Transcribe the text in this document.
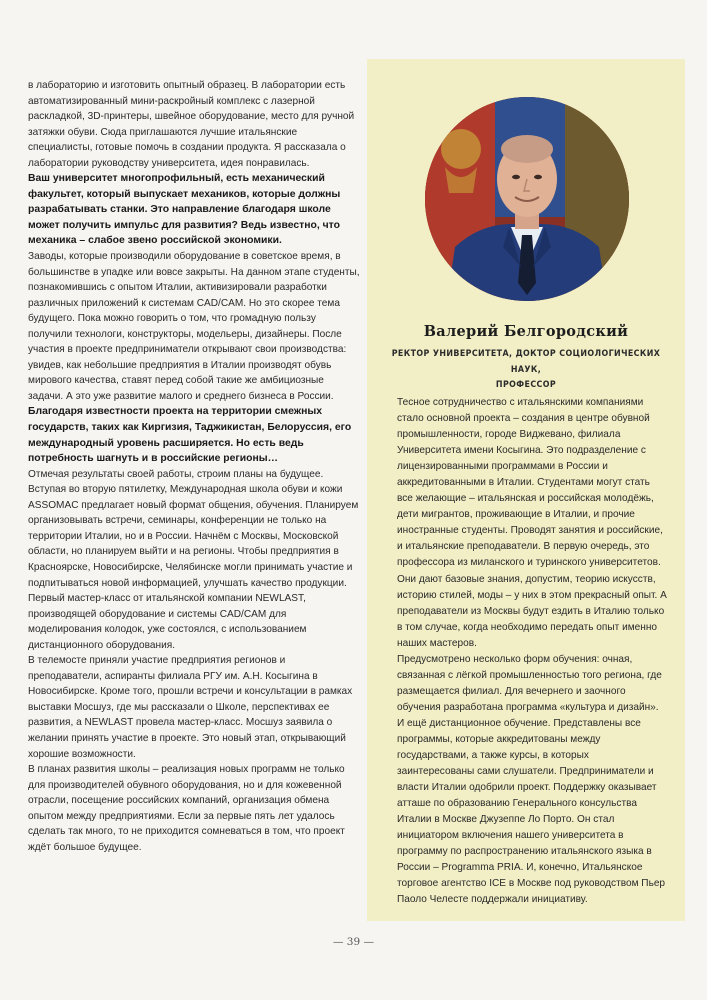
в лабораторию и изготовить опытный образец. В лаборатории есть автоматизированный мини-раскройный комплекс с лазерной раскладкой, 3D-принтеры, швейное оборудование, место для ручной затяжки обуви. Сюда приглашаются лучшие итальянские специалисты, готовые помочь в создании продукта. Я рассказала о лаборатории руководству университета, идея понравилась.

Ваш университет многопрофильный, есть механический факультет, который выпускает механиков, которые должны разрабатывать станки. Это направление благодаря школе может получить импульс для развития? Ведь известно, что механика – слабое звено российской экономики.

Заводы, которые производили оборудование в советское время, в большинстве в упадке или вовсе закрыты. На данном этапе студенты, познакомившись с опытом Италии, активизировали разработки различных приложений к системам CAD/CAM. Но это скорее тема будущего. Пока можно говорить о том, что громадную пользу получили технологи, конструкторы, модельеры, дизайнеры. После участия в проекте предприниматели открывают свои производства: увидев, как небольшие предприятия в Италии производят обувь мирового качества, ставят перед собой такие же амбициозные задачи. А это уже развитие малого и среднего бизнеса в России.

Благодаря известности проекта на территории смежных государств, таких как Киргизия, Таджикистан, Белоруссия, его международный уровень расширяется. Но есть ведь потребность шагнуть и в российские регионы…

Отмечая результаты своей работы, строим планы на будущее. Вступая во вторую пятилетку, Международная школа обуви и кожи ASSOMAC предлагает новый формат общения, обучения. Планируем организовывать встречи, семинары, конференции не только на территории Италии, но и в России. Начнём с Москвы, Московской области, но планируем выйти и на регионы. Чтобы предприятия в Красноярске, Новосибирске, Челябинске могли принимать участие и подпитываться новой информацией, улучшать качество продукции. Первый мастер-класс от итальянской компании NEWLAST, производящей оборудование и системы CAD/CAM для моделирования колодок, уже состоялся, с использованием дистанционного оборудования.

В телемосте приняли участие предприятия регионов и преподаватели, аспиранты филиала РГУ им. А.Н. Косыгина в Новосибирске. Кроме того, прошли встречи и консультации в рамках выставки Мосшуз, где мы рассказали о Школе, перспективах ее развития, а NEWLAST провела мастер-класс. Мосшуз заявила о желании принять участие в проекте. Это новый этап, открывающий хорошие возможности.

В планах развития школы – реализация новых программ не только для производителей обувного оборудования, но и для кожевенной отрасли, посещение российских компаний, организация обмена опытом между предприятиями. Если за первые пять лет удалось сделать так много, то не приходится сомневаться в том, что проект ждёт большое будущее.

Валерий Белгородский
РЕКТОР УНИВЕРСИТЕТА, ДОКТОР СОЦИОЛОГИЧЕСКИХ НАУК,
ПРОФЕССОР

Тесное сотрудничество с итальянскими компаниями стало основной проекта – создания в центре обувной промышленности, городе Виджевано, филиала Университета имени Косыгина. Это подразделение с лицензированными программами в России и аккредитованными в Италии. Студентами могут стать все желающие – итальянская и российская молодёжь, дети мигрантов, проживающие в Италии, и прочие иностранные студенты. Проводят занятия и российские, и итальянские преподаватели. В первую очередь, это профессора из миланского и туринского университетов. Они дают базовые знания, допустим, теорию искусств, историю стилей, моды – у них в этом прекрасный опыт. А преподаватели из Москвы будут ездить в Италию только в том случае, когда необходимо передать опыт именно наших мастеров.

Предусмотрено несколько форм обучения: очная, связанная с лёгкой промышленностью того региона, где размещается филиал. Для вечернего и заочного обучения разработана программа «культура и дизайн». И ещё дистанционное обучение. Представлены все программы, которые аккредитованы между государствами, а также курсы, в которых заинтересованы сами слушатели. Предприниматели и власти Италии одобрили проект. Поддержку оказывает атташе по образованию Генерального консульства Италии в Москве Джузеппе Ло Порто. Он стал инициатором включения нашего университета в программу по распространению итальянского языка в России – Programma PRIA. И, конечно, Итальянское торговое агентство ICE в Москве под руководством Пьер Паоло Челесте поддержали инициативу.

— 39 —
